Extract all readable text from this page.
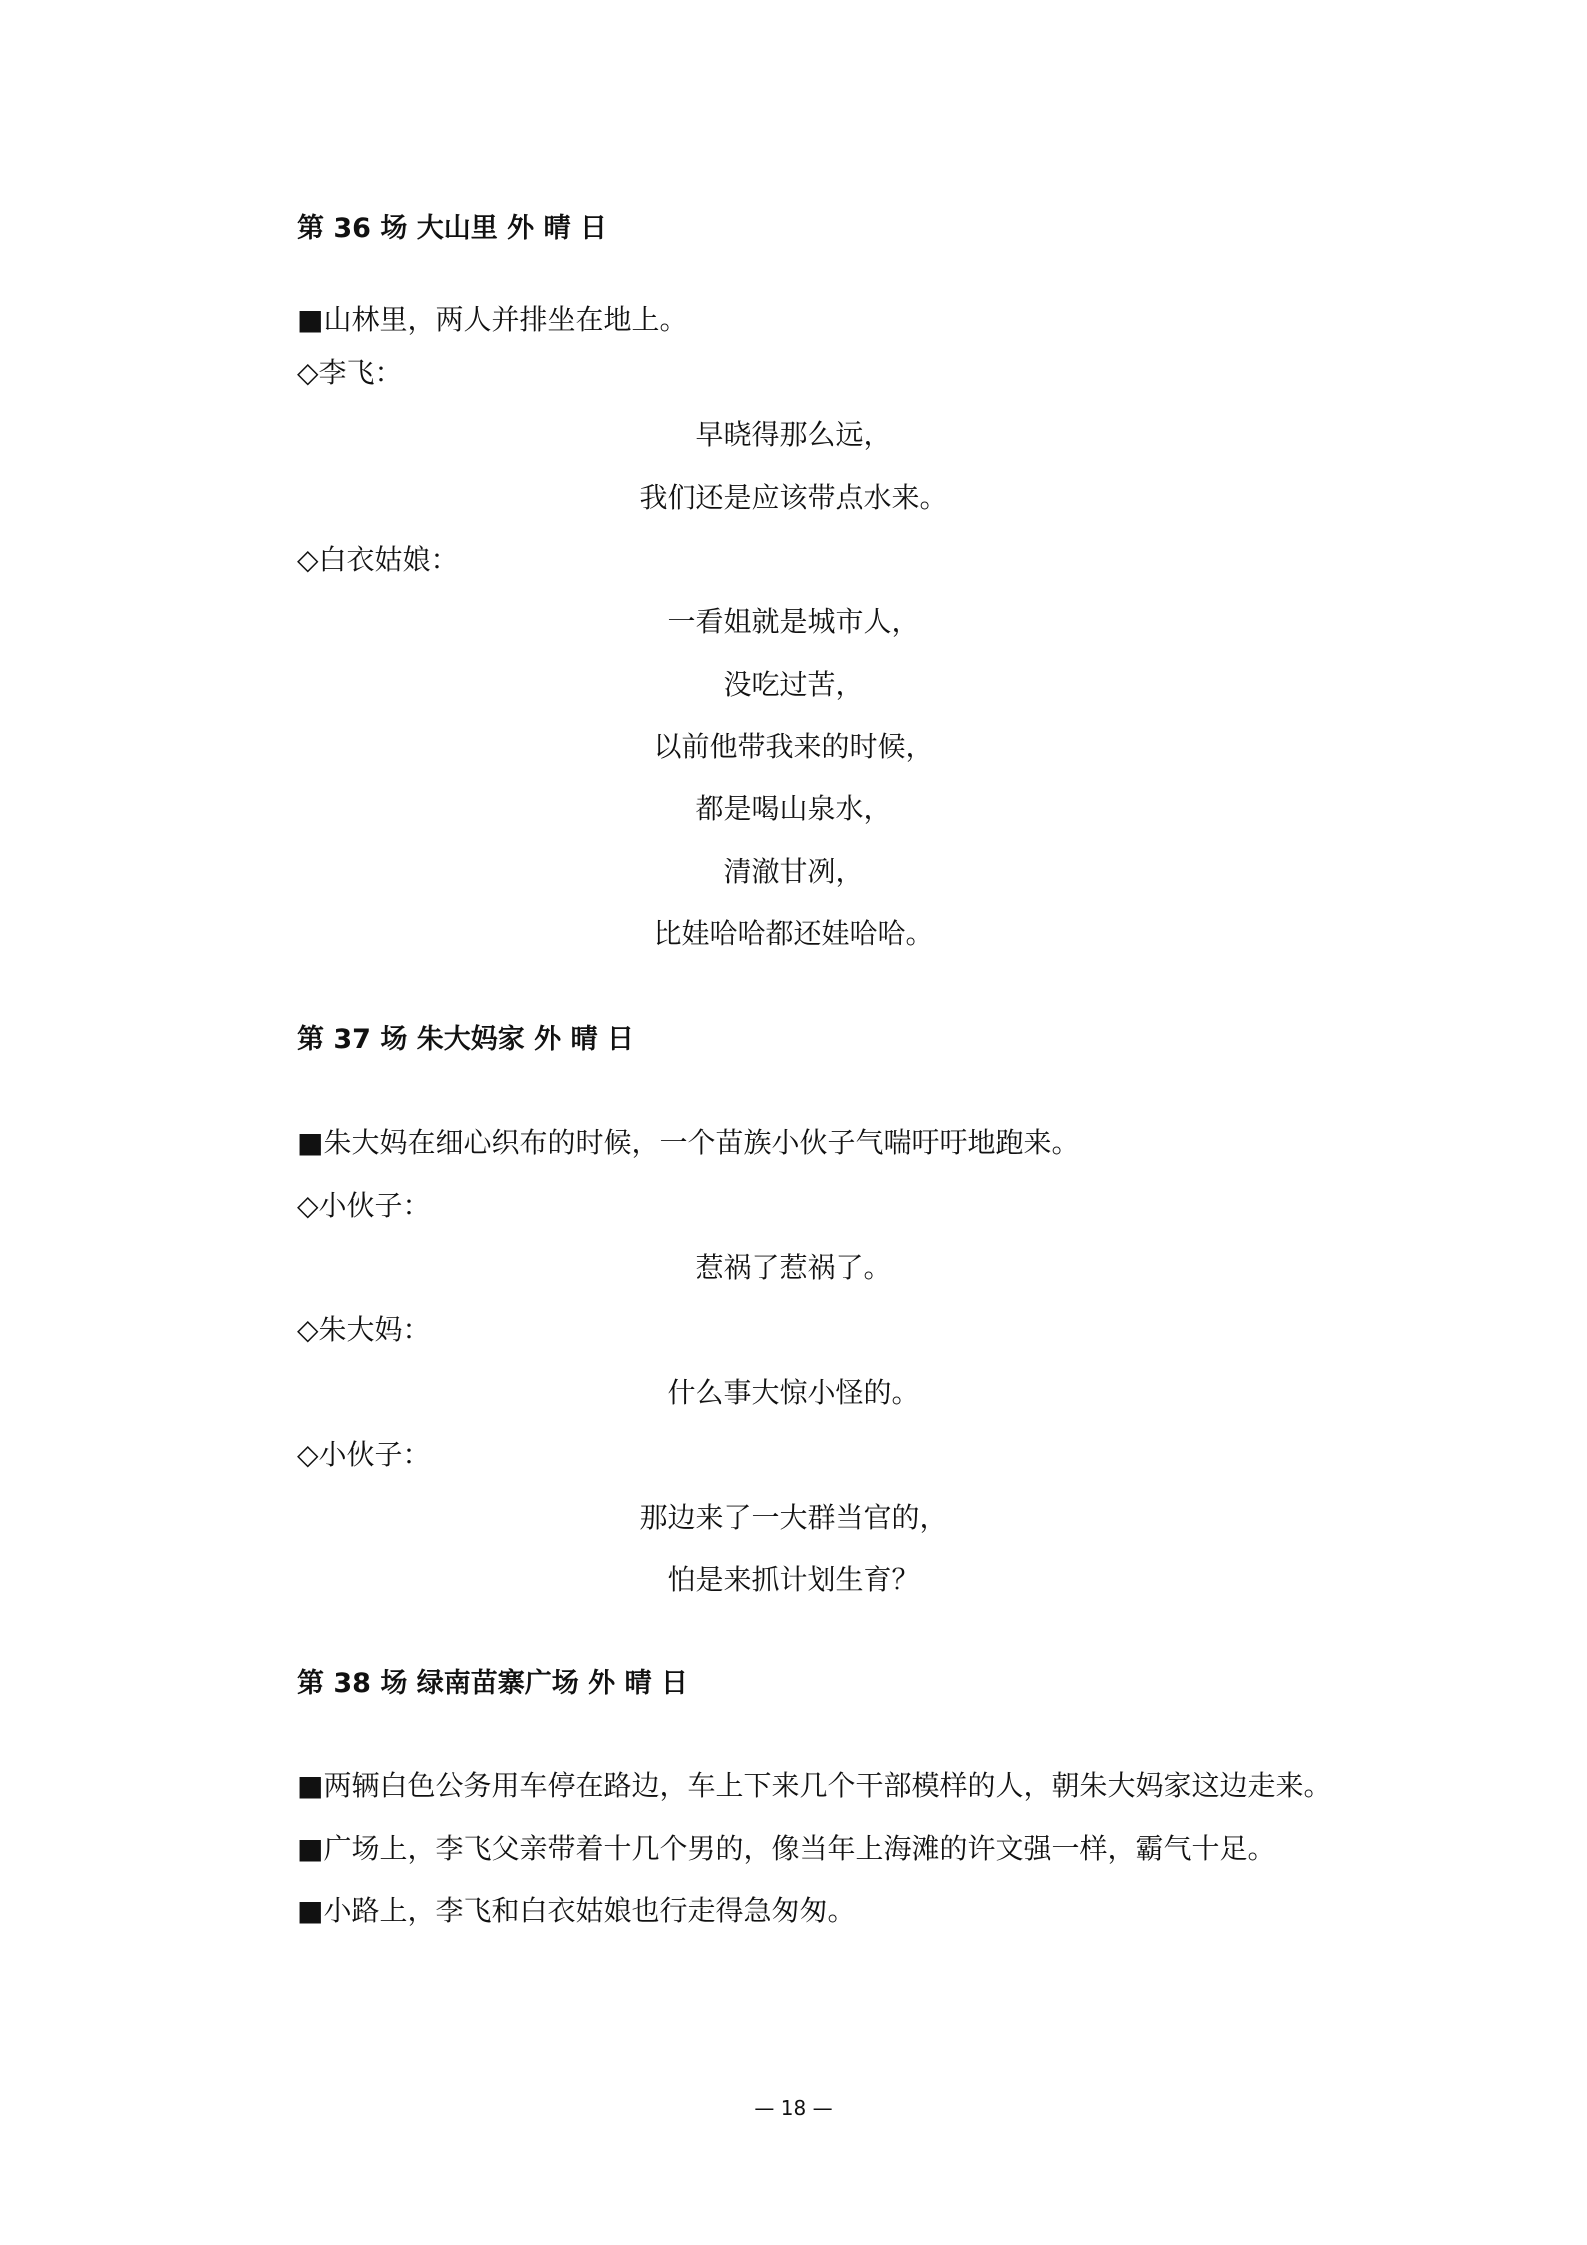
第 36 场 大山里 外 晴 日
■山林里，两人并排坐在地上。
◇李飞：
早晓得那么远，
我们还是应该带点水来。
◇白衣姑娘：
一看姐就是城市人，
没吃过苦，
以前他带我来的时候，
都是喝山泉水，
清澈甘冽，
比娃哈哈都还娃哈哈。
第 37 场 朱大妈家 外 晴 日
■朱大妈在细心织布的时候，一个苗族小伙子气喘吁吁地跑来。
◇小伙子：
惹祸了惹祸了。
◇朱大妈：
什么事大惊小怪的。
◇小伙子：
那边来了一大群当官的，
怕是来抓计划生育？
第 38 场 绿南苗寨广场 外 晴 日
■两辆白色公务用车停在路边，车上下来几个干部模样的人，朝朱大妈家这边走来。
■广场上，李飞父亲带着十几个男的，像当年上海滩的许文强一样，霸气十足。
■小路上，李飞和白衣姑娘也行走得急匆匆。
— 18 —
